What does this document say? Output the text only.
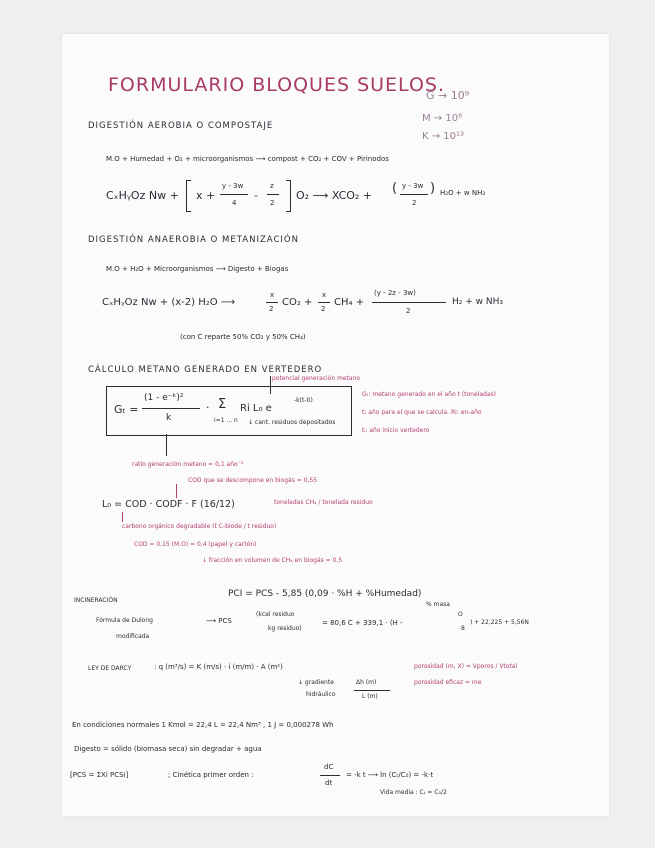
FORMULARIO BLOQUES SUELOS.
G → 10⁹
M → 10⁶
K → 10¹³
DIGESTIÓN AEROBIA O COMPOSTAJE
M.O + Humedad + O₂ + microorganismos ⟶ compost + CO₂ + COV + Pirinodos
CₓHᵧOz Nw + x +
y - 3w
4
-
z
2
O₂ ⟶ XCO₂ + ( y - 3w
2
) H₂O + w NH₃
DIGESTIÓN ANAEROBIA O METANIZACIÓN
M.O + H₂O + Microorganismos ⟶ Digesto + Biogas
CₓHᵧOz Nw + (x-2) H₂O ⟶
x
2
CO₂ +
x
2
CH₄ +
(y - 2z - 3w)
2
H₂ + w NH₃
(con C reparte 50% CO₂ y 50% CH₄)
CÁLCULO METANO GENERADO EN VERTEDERO
potencial generación metano
Gₜ =
(1 - e⁻ᵏ)²
k
· Σ
i=1 ... n
Ri L₀ e
-k(t-ti)
↓ cant. residuos depositados
Gₜ: metano generado en el año t (toneladas)
t: año para el que se calcula. Ri: en-año
tᵢ: año inicio vertedero
ratio generación metano = 0,1 año⁻¹
COD que se descompone en biogás = 0,55
L₀ = COD · CODF · F (16/12)	toneladas CH₄ / tonelada residuo
carbono orgánico degradable (t C-biode / t residuo)
COD = 0,15 (M.O) = 0,4 (papel y cartón)
↓ fracción en volumen de CH₄ en biogás = 0,5
INCINERACIÓN
PCI = PCS - 5,85 (0,09 · %H + %Humedad)
% masa
Fórmula de Dulong
modificada
⟶ PCS
(kcal residuo
kg residuo)
= 80,6 C + 339,1 · (H -
O
8
) + 22,225 + 5,56N
LEY DE DARCY	: q (m³/s) = K (m/s) · i (m/m) · A (m²)
↓ gradiente
hidráulico
Δh (m)
L (m)
porosidad (m, X) = Vporos / Vtotal
porosidad eficaz = me
En condiciones normales 1 Kmol = 22,4 L = 22,4 Nm³ , 1 J = 0,000278 Wh
Digesto = sólido (biomasa seca) sin degradar + agua
[PCS = ΣXi PCSi]	; Cinética primer orden :
dC
dt
= -k t ⟶ ln (Cₜ/C₀) = -k·t
Vida media : Cₜ = C₀/2
